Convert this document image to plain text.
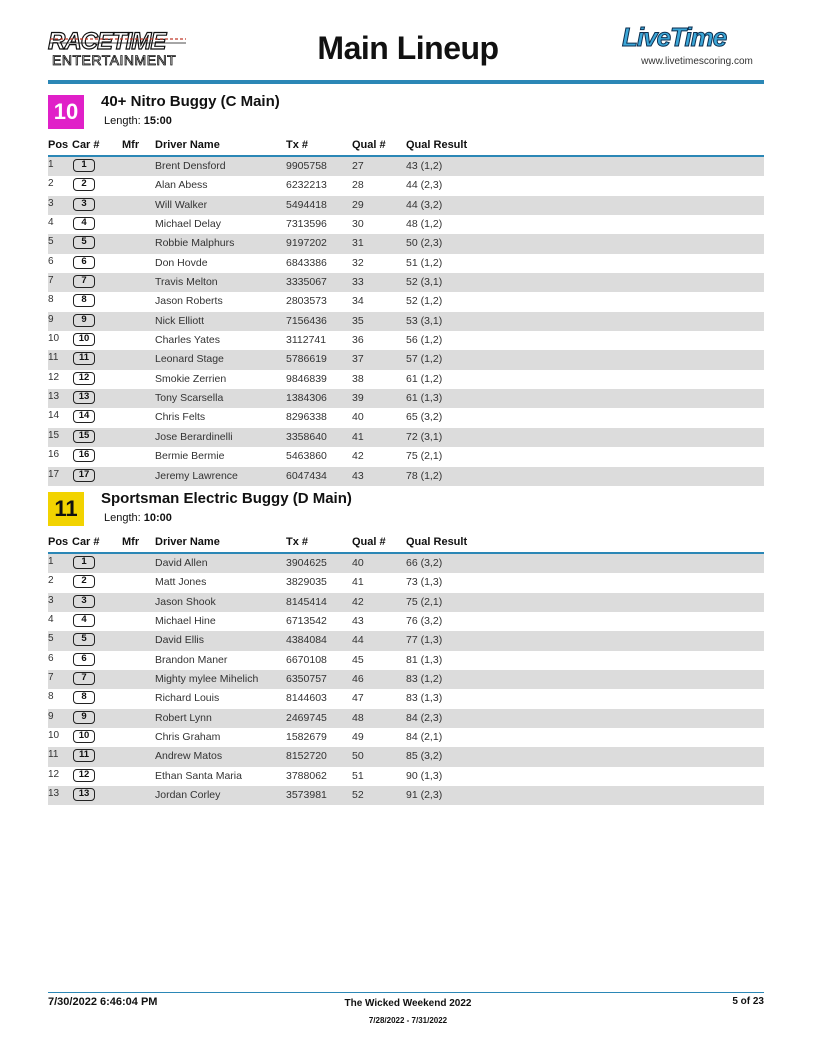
RACETIME
ENTERTAINMENT	Main Lineup	LiveTime
www.livetimescoring.com
10	40+ Nitro Buggy (C Main)
Length: 15:00
Pos Car # Mfr Driver Name	Tx #	Qual # Qual Result
1	1	Brent Densford	9905758 27	43 (1,2)
2	2	Alan Abess	6232213 28	44 (2,3)
3	3	Will Walker	5494418 29	44 (3,2)
4	4	Michael Delay	7313596 30	48 (1,2)
5	5	Robbie Malphurs	9197202 31	50 (2,3)
6	6	Don Hovde	6843386 32	51 (1,2)
7	7	Travis Melton	3335067 33	52 (3,1)
8	8	Jason Roberts	2803573 34	52 (1,2)
9	9	Nick Elliott	7156436 35	53 (3,1)
10	10	Charles Yates	3112741 36	56 (1,2)
11	11	Leonard Stage	5786619 37	57 (1,2)
12	12	Smokie Zerrien	9846839 38	61 (1,2)
13	13	Tony Scarsella	1384306 39	61 (1,3)
14	14	Chris Felts	8296338 40	65 (3,2)
15	15	Jose Berardinelli	3358640 41	72 (3,1)
16	16	Bermie Bermie	5463860 42	75 (2,1)
17	17	Jeremy Lawrence	6047434 43	78 (1,2)
11	Sportsman Electric Buggy (D Main)
Length: 10:00
Pos Car # Mfr Driver Name	Tx #	Qual # Qual Result
1	1	David Allen	3904625 40	66 (3,2)
2	2	Matt Jones	3829035 41	73 (1,3)
3	3	Jason Shook	8145414 42	75 (2,1)
4	4	Michael Hine	6713542 43	76 (3,2)
5	5	David Ellis	4384084 44	77 (1,3)
6	6	Brandon Maner	6670108 45	81 (1,3)
7	7	Mighty mylee Mihelich	6350757 46	83 (1,2)
8	8	Richard Louis	8144603 47	83 (1,3)
9	9	Robert Lynn	2469745 48	84 (2,3)
10	10	Chris Graham	1582679 49	84 (2,1)
11	11	Andrew Matos	8152720 50	85 (3,2)
12	12	Ethan Santa Maria	3788062 51	90 (1,3)
13	13	Jordan Corley	3573981 52	91 (2,3)
7/30/2022 6:46:04 PM	The Wicked Weekend 2022
7/28/2022 - 7/31/2022
5 of 23
